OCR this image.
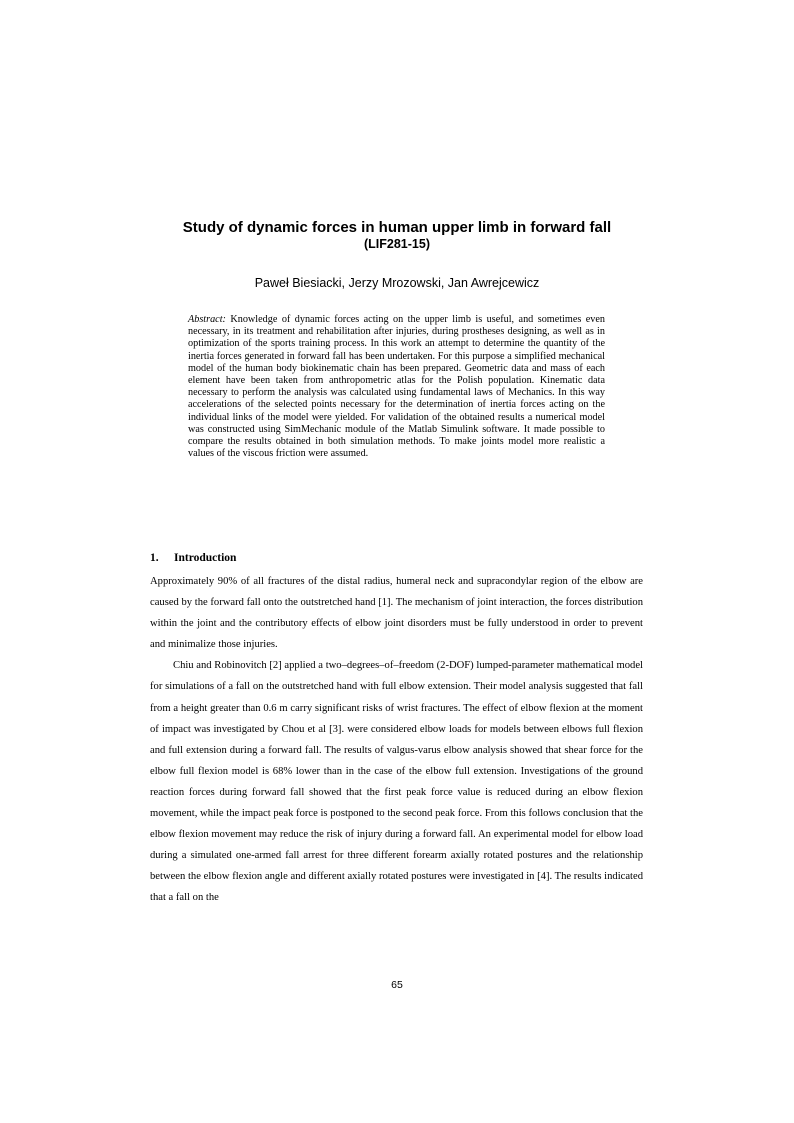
Study of dynamic forces in human upper limb in forward fall
(LIF281-15)
Paweł Biesiacki, Jerzy Mrozowski, Jan Awrejcewicz

Abstract: Knowledge of dynamic forces acting on the upper limb is useful, and sometimes even necessary, in its treatment and rehabilitation after injuries, during prostheses designing, as well as in optimization of the sports training process. In this work an attempt to determine the quantity of the inertia forces generated in forward fall has been undertaken. For this purpose a simplified mechanical model of the human body biokinematic chain has been prepared. Geometric data and mass of each element have been taken from anthropometric atlas for the Polish population. Kinematic data necessary to perform the analysis was calculated using fundamental laws of Mechanics. In this way accelerations of the selected points necessary for the determination of inertia forces acting on the individual links of the model were yielded. For validation of the obtained results a numerical model was constructed using SimMechanic module of the Matlab Simulink software. It made possible to compare the results obtained in both simulation methods. To make joints model more realistic a values of the viscous friction were assumed.

1. Introduction

Approximately 90% of all fractures of the distal radius, humeral neck and supracondylar region of the elbow are caused by the forward fall onto the outstretched hand [1]. The mechanism of joint interaction, the forces distribution within the joint and the contributory effects of elbow joint disorders must be fully understood in order to prevent and minimalize those injuries.

Chiu and Robinovitch [2] applied a two–degrees–of–freedom (2-DOF) lumped-parameter mathematical model for simulations of a fall on the outstretched hand with full elbow extension. Their model analysis suggested that fall from a height greater than 0.6 m carry significant risks of wrist fractures. The effect of elbow flexion at the moment of impact was investigated by Chou et al [3]. were considered elbow loads for models between elbows full flexion and full extension during a forward fall. The results of valgus-varus elbow analysis showed that shear force for the elbow full flexion model is 68% lower than in the case of the elbow full extension. Investigations of the ground reaction forces during forward fall showed that the first peak force value is reduced during an elbow flexion movement, while the impact peak force is postponed to the second peak force. From this follows conclusion that the elbow flexion movement may reduce the risk of injury during a forward fall. An experimental model for elbow load during a simulated one-armed fall arrest for three different forearm axially rotated postures and the relationship between the elbow flexion angle and different axially rotated postures were investigated in [4]. The results indicated that a fall on the

65
